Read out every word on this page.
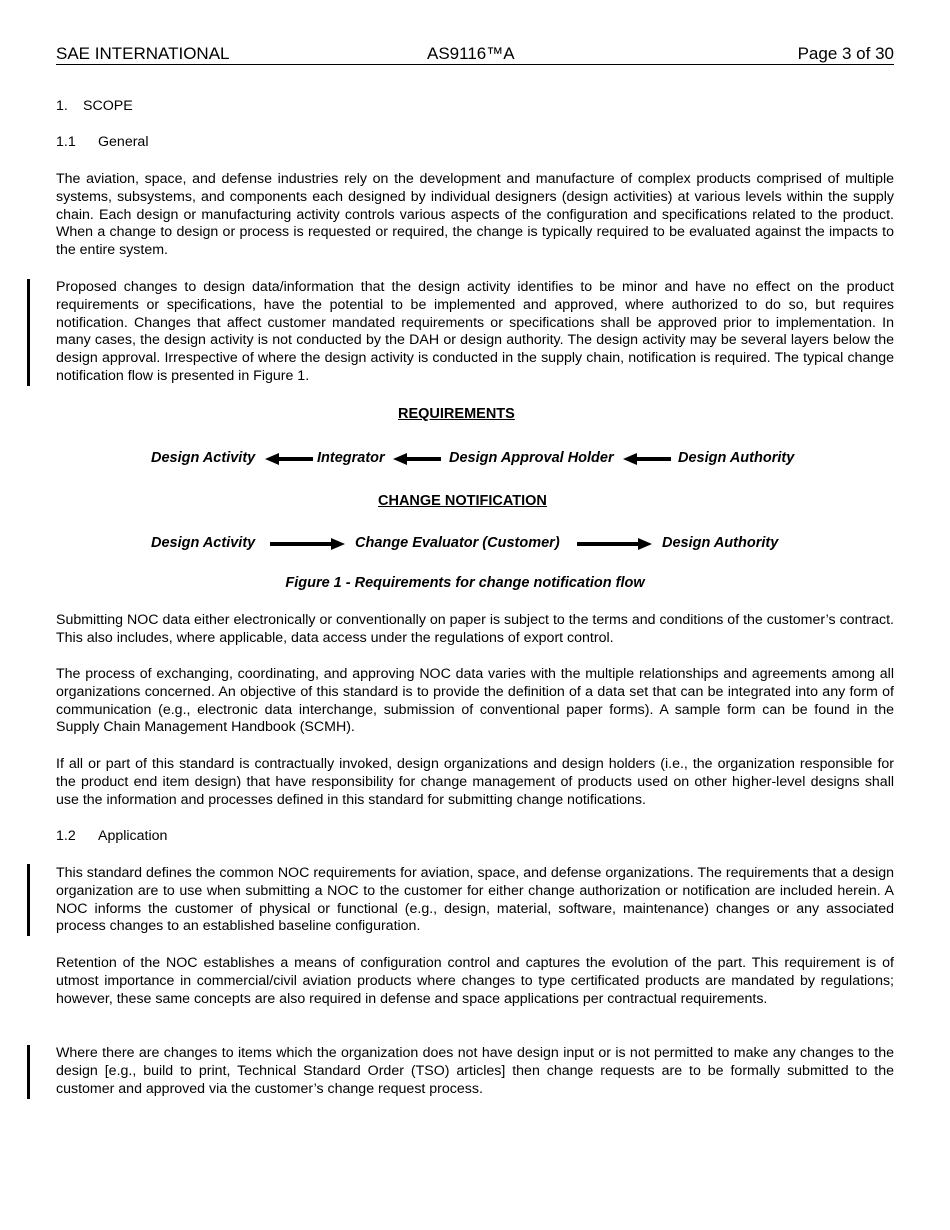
SAE INTERNATIONAL	AS9116™A	Page 3 of 30
1. SCOPE
1.1 General
The aviation, space, and defense industries rely on the development and manufacture of complex products comprised of multiple systems, subsystems, and components each designed by individual designers (design activities) at various levels within the supply chain. Each design or manufacturing activity controls various aspects of the configuration and specifications related to the product. When a change to design or process is requested or required, the change is typically required to be evaluated against the impacts to the entire system.
Proposed changes to design data/information that the design activity identifies to be minor and have no effect on the product requirements or specifications, have the potential to be implemented and approved, where authorized to do so, but requires notification. Changes that affect customer mandated requirements or specifications shall be approved prior to implementation. In many cases, the design activity is not conducted by the DAH or design authority. The design activity may be several layers below the design approval. Irrespective of where the design activity is conducted in the supply chain, notification is required. The typical change notification flow is presented in Figure 1.
REQUIREMENTS
Design Activity	Integrator	Design Approval Holder	Design Authority
CHANGE NOTIFICATION
Design Activity	Change Evaluator (Customer)	Design Authority
Figure 1 - Requirements for change notification flow
Submitting NOC data either electronically or conventionally on paper is subject to the terms and conditions of the customer’s contract. This also includes, where applicable, data access under the regulations of export control.
The process of exchanging, coordinating, and approving NOC data varies with the multiple relationships and agreements among all organizations concerned. An objective of this standard is to provide the definition of a data set that can be integrated into any form of communication (e.g., electronic data interchange, submission of conventional paper forms). A sample form can be found in the Supply Chain Management Handbook (SCMH).
If all or part of this standard is contractually invoked, design organizations and design holders (i.e., the organization responsible for the product end item design) that have responsibility for change management of products used on other higher-level designs shall use the information and processes defined in this standard for submitting change notifications.
1.2 Application
This standard defines the common NOC requirements for aviation, space, and defense organizations. The requirements that a design organization are to use when submitting a NOC to the customer for either change authorization or notification are included herein. A NOC informs the customer of physical or functional (e.g., design, material, software, maintenance) changes or any associated process changes to an established baseline configuration.
Retention of the NOC establishes a means of configuration control and captures the evolution of the part. This requirement is of utmost importance in commercial/civil aviation products where changes to type certificated products are mandated by regulations; however, these same concepts are also required in defense and space applications per contractual requirements.
Where there are changes to items which the organization does not have design input or is not permitted to make any changes to the design [e.g., build to print, Technical Standard Order (TSO) articles] then change requests are to be formally submitted to the customer and approved via the customer’s change request process.
